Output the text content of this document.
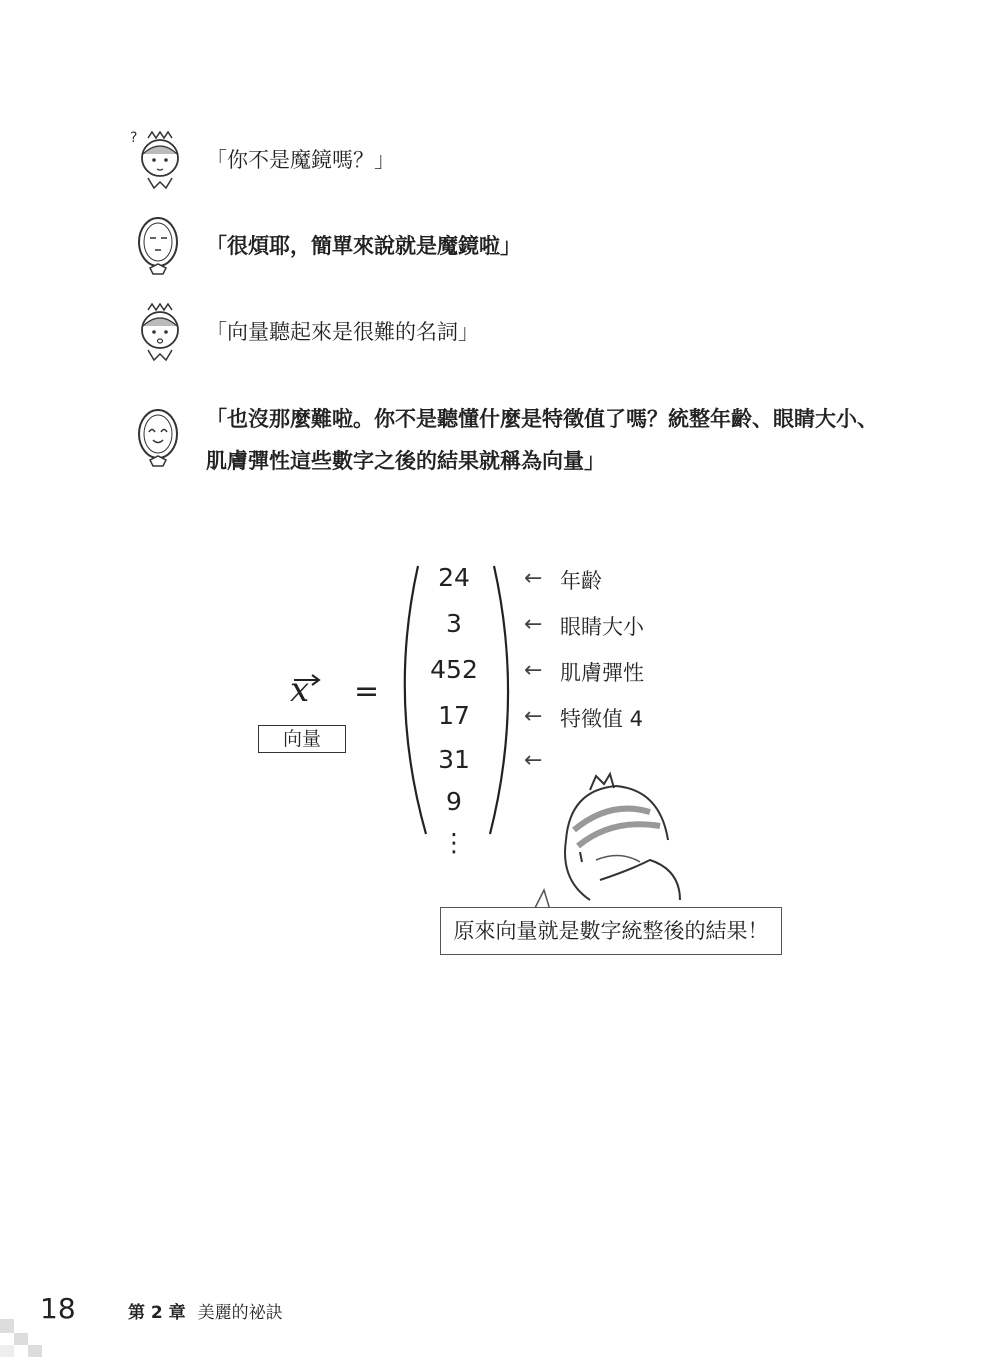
?
「你不是魔鏡嗎？」
「很煩耶，簡單來說就是魔鏡啦」
「向量聽起來是很難的名詞」
「也沒那麼難啦。你不是聽懂什麼是特徵值了嗎？統整年齡、眼睛大小、肌膚彈性這些數字之後的結果就稱為向量」
x =
向量
24
3
452
17
31
9
⋮
← 年齡
← 眼睛大小
← 肌膚彈性
← 特徵值 4
←
原來向量就是數字統整後的結果！
18	第 2 章 美麗的祕訣
